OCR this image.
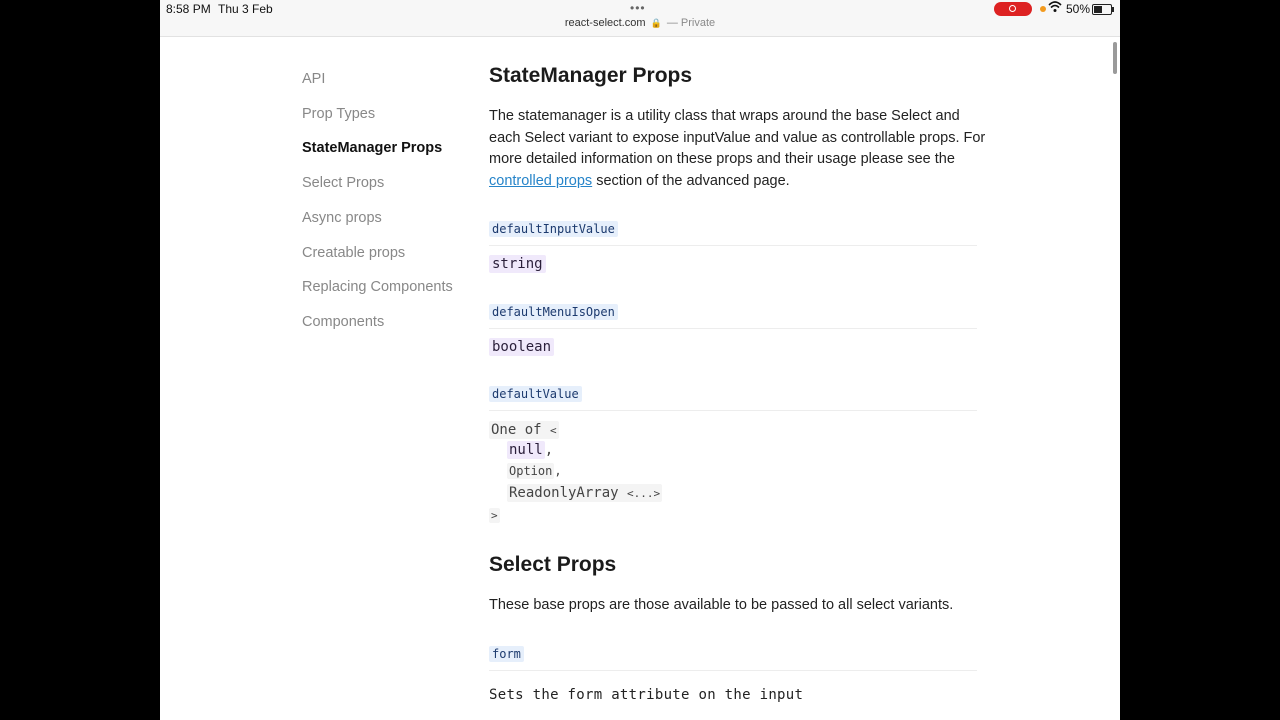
8:58 PM Thu 3 Feb	•••
react-select.com 🔒 — Private
50%
API
Prop Types
StateManager Props
Select Props
Async props
Creatable props
Replacing Components
Components
StateManager Props

The statemanager is a utility class that wraps around the base Select and each Select variant to expose inputValue and value as controllable props. For more detailed information on these props and their usage please see the controlled props section of the advanced page.

defaultInputValue
string
defaultMenuIsOpen
boolean
defaultValue
One of <
null ,
Option ,
ReadonlyArray <...>
>
Select Props

These base props are those available to be passed to all select variants.

form
Sets the form attribute on the input
